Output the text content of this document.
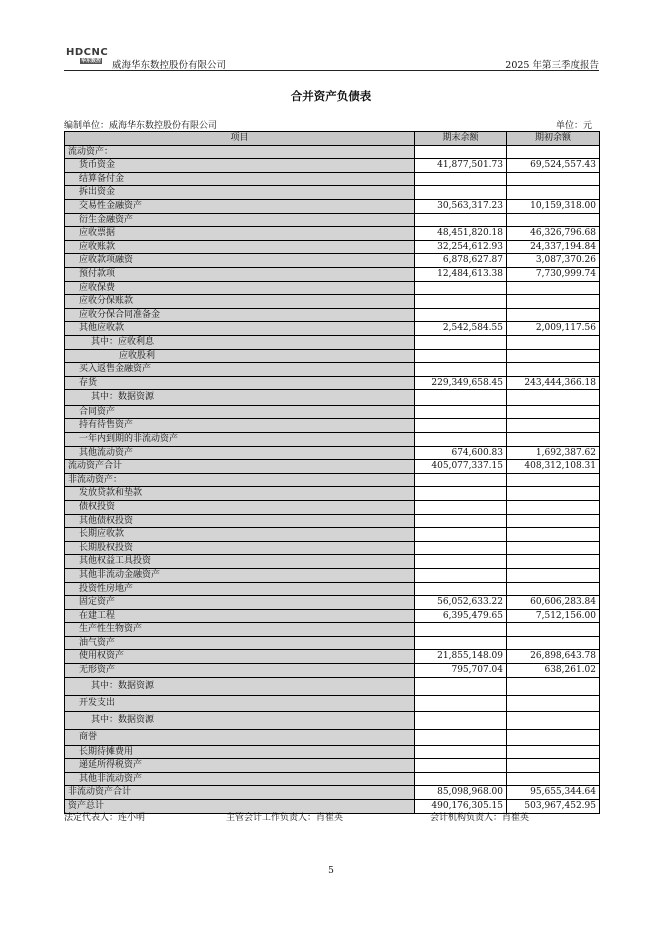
HDCNC
华东数控 威海华东数控股份有限公司	2025 年第三季度报告
合并资产负债表
编制单位：威海华东数控股份有限公司	单位：元
项目	期末余额	期初余额
流动资产：		
货币资金	41,877,501.73	69,524,557.43
结算备付金		
拆出资金		
交易性金融资产	30,563,317.23	10,159,318.00
衍生金融资产		
应收票据	48,451,820.18	46,326,796.68
应收账款	32,254,612.93	24,337,194.84
应收款项融资	6,878,627.87	3,087,370.26
预付款项	12,484,613.38	7,730,999.74
应收保费		
应收分保账款		
应收分保合同准备金		
其他应收款	2,542,584.55	2,009,117.56
其中：应收利息		
应收股利		
买入返售金融资产		
存货	229,349,658.45	243,444,366.18
其中：数据资源		
合同资产		
持有待售资产		
一年内到期的非流动资产		
其他流动资产	674,600.83	1,692,387.62
流动资产合计	405,077,337.15	408,312,108.31
非流动资产：		
发放贷款和垫款		
债权投资		
其他债权投资		
长期应收款		
长期股权投资		
其他权益工具投资		
其他非流动金融资产		
投资性房地产		
固定资产	56,052,633.22	60,606,283.84
在建工程	6,395,479.65	7,512,156.00
生产性生物资产		
油气资产		
使用权资产	21,855,148.09	26,898,643.78
无形资产	795,707.04	638,261.02
其中：数据资源		
开发支出		
其中：数据资源		
商誉		
长期待摊费用		
递延所得税资产		
其他非流动资产		
非流动资产合计	85,098,968.00	95,655,344.64
资产总计	490,176,305.15	503,967,452.95
法定代表人：连小明	主管会计工作负责人：肖崔英	会计机构负责人：肖崔英
5
